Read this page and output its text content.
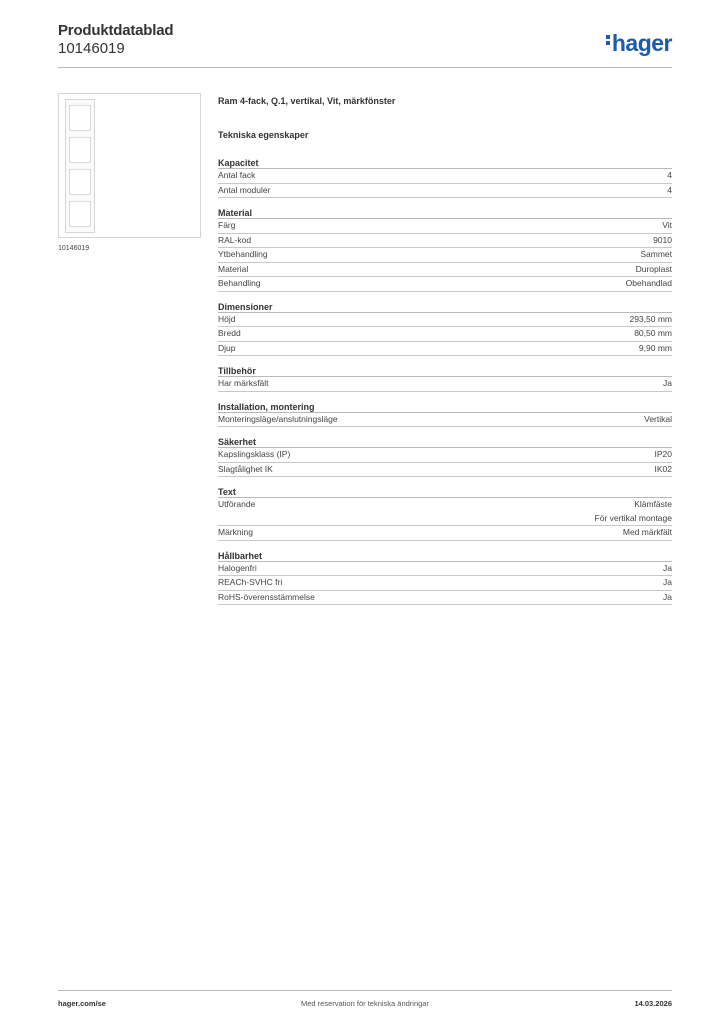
Produktdatablad
10146019	hager
10146019
Ram 4-fack, Q.1, vertikal, Vit, märkfönster
Tekniska egenskaper
Kapacitet
Antal fack	4
Antal moduler	4
Material
Färg	Vit
RAL-kod	9010
Ytbehandling	Sammet
Material	Duroplast
Behandling	Obehandlad
Dimensioner
Höjd	293,50 mm
Bredd	80,50 mm
Djup	9,90 mm
Tillbehör
Har märksfält	Ja
Installation, montering
Monteringsläge/anslutningsläge	Vertikal
Säkerhet
Kapslingsklass (IP)	IP20
Slagtålighet IK	IK02
Text
Utförande	Klämfäste
För vertikal montage
Märkning	Med märkfält
Hållbarhet
Halogenfri	Ja
REACh-SVHC fri	Ja
RoHS-överensstämmelse	Ja
hager.com/se	Med reservation för tekniska ändringar	14.03.2026
